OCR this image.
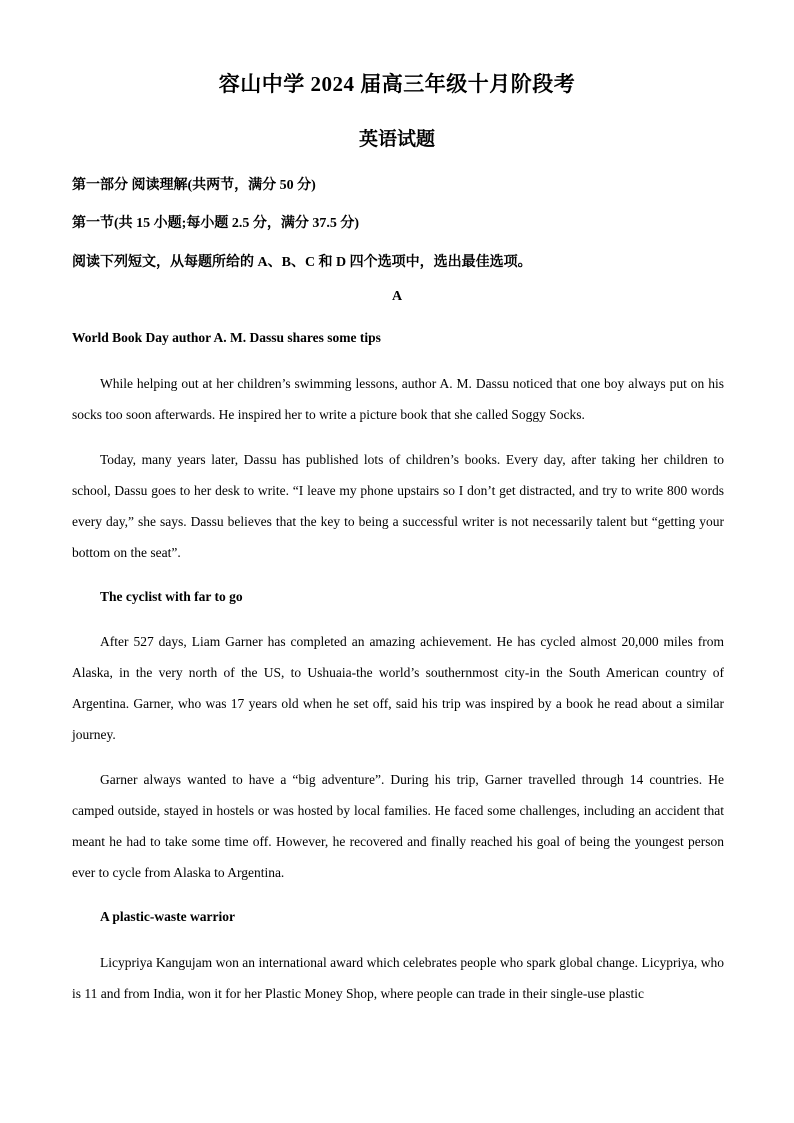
容山中学 2024 届高三年级十月阶段考
英语试题
第一部分 阅读理解(共两节，满分 50 分)
第一节(共 15 小题;每小题 2.5 分，满分 37.5 分)
阅读下列短文，从每题所给的 A、B、C 和 D 四个选项中，选出最佳选项。
A
World Book Day author A. M. Dassu shares some tips

While helping out at her children’s swimming lessons, author A. M. Dassu noticed that one boy always put on his socks too soon afterwards. He inspired her to write a picture book that she called Soggy Socks.

Today, many years later, Dassu has published lots of children’s books. Every day, after taking her children to school, Dassu goes to her desk to write. “I leave my phone upstairs so I don’t get distracted, and try to write 800 words every day,” she says. Dassu believes that the key to being a successful writer is not necessarily talent but “getting your bottom on the seat”.

The cyclist with far to go

After 527 days, Liam Garner has completed an amazing achievement. He has cycled almost 20,000 miles from Alaska, in the very north of the US, to Ushuaia-the world’s southernmost city-in the South American country of Argentina. Garner, who was 17 years old when he set off, said his trip was inspired by a book he read about a similar journey.

Garner always wanted to have a “big adventure”. During his trip, Garner travelled through 14 countries. He camped outside, stayed in hostels or was hosted by local families. He faced some challenges, including an accident that meant he had to take some time off. However, he recovered and finally reached his goal of being the youngest person ever to cycle from Alaska to Argentina.

A plastic-waste warrior

Licypriya Kangujam won an international award which celebrates people who spark global change. Licypriya, who is 11 and from India, won it for her Plastic Money Shop, where people can trade in their single-use plastic
